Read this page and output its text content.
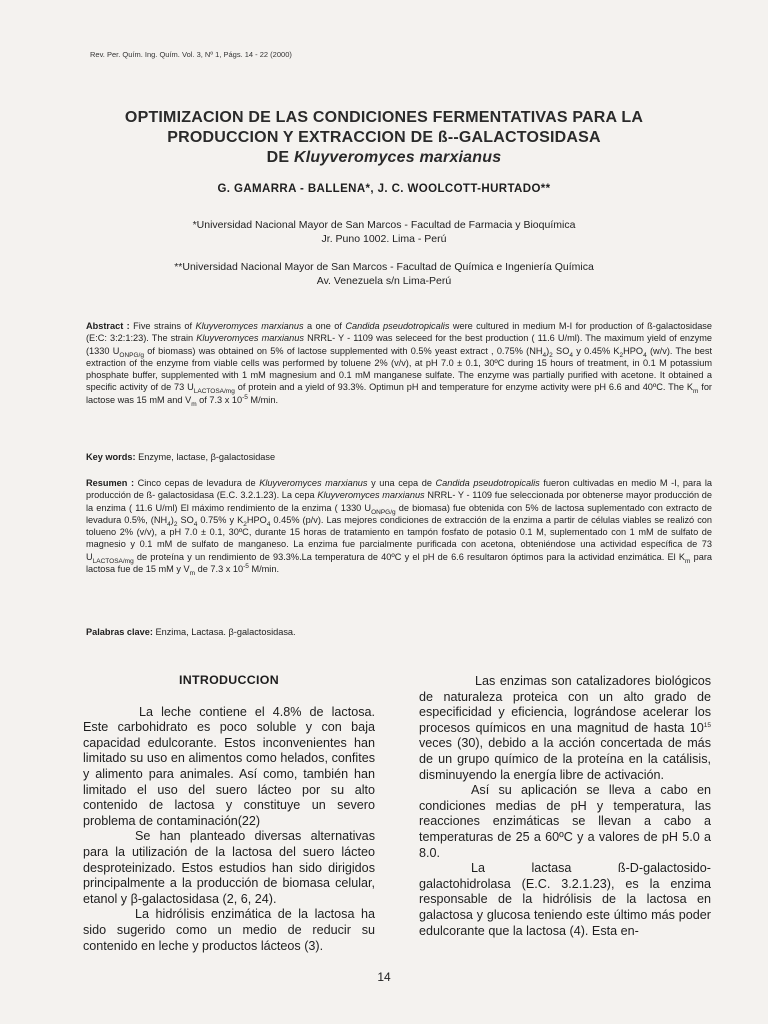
Rev. Per. Quím. Ing. Quím. Vol. 3, Nº 1, Págs. 14 - 22 (2000)
OPTIMIZACION DE LAS CONDICIONES FERMENTATIVAS PARA LA
PRODUCCION Y EXTRACCION DE ß--GALACTOSIDASA
DE Kluyveromyces marxianus
G. GAMARRA - BALLENA*, J. C. WOOLCOTT-HURTADO**
*Universidad Nacional Mayor de San Marcos - Facultad de Farmacia y Bioquímica
Jr. Puno 1002. Lima - Perú
**Universidad Nacional Mayor de San Marcos - Facultad de Química e Ingeniería Química
Av. Venezuela s/n Lima-Perú
Abstract : Five strains of Kluyveromyces marxianus a one of Candida pseudotropicalis were cultured in medium M-I for production of ß-galactosidase (E:C: 3:2:1:23). The strain Kluyveromyces marxianus NRRL- Y - 1109 was seleceed for the best production ( 11.6 U/ml). The maximum yield of enzyme (1330 $U_{ONPG/g}$ of biomass) was obtained on 5% of lactose supplemented with 0.5% yeast extract , 0.75% $(NH_4)_2$ $SO_4$ y 0.45% $K_2HPO_4$ (w/v). The best extraction of the enzyme from viable cells was performed by toluene 2% (v/v), at pH 7.0 ± 0.1, 30ºC during 15 hours of treatment, in 0.1 M potassium phosphate buffer, supplemented with 1 mM magnesium and 0.1 mM manganese sulfate. The enzyme was partially purified with acetone. It obtained a specific activity of de 73 $U_{LACTOSA/mg}$ of protein and a yield of 93.3%. Optimun pH and temperature for enzyme activity were pH 6.6 and 40ºC. The $K_m$ for lactose was 15 mM and $V_m$ of 7.3 x $10^{-5}$ M/min.
Key words: Enzyme, lactase, β-galactosidase
Resumen : Cinco cepas de levadura de Kluyveromyces marxianus y una cepa de Candida pseudotropicalis fueron cultivadas en medio M -I, para la producción de ß- galactosidasa (E.C. 3.2.1.23). La cepa Kluyveromyces marxianus NRRL- Y - 1109 fue seleccionada por obtenerse mayor producción de la enzima ( 11.6 U/ml) El máximo rendimiento de la enzima ( 1330 $U_{ONPG/g}$ de biomasa) fue obtenida con 5% de lactosa suplementado con extracto de levadura 0.5%, $(NH_4)_2$ $SO_4$ 0.75% y $K_2HPO_4$ 0.45% (p/v). Las mejores condiciones de extracción de la enzima a partir de células viables se realizó con tolueno 2% (v/v), a pH 7.0 ± 0.1, 30ºC, durante 15 horas de tratamiento en tampón fosfato de potasio 0.1 M, suplementado con 1 mM de sulfato de magnesio y 0.1 mM de sulfato de manganeso. La enzima fue parcialmente purificada con acetona, obteniéndose una actividad específica de 73 $U_{LACTOSA/mg}$ de proteína y un rendimiento de 93.3%.La temperatura de 40ºC y el pH de 6.6 resultaron óptimos para la actividad enzimática. El $K_m$ para lactosa fue de 15 mM y $V_m$ de 7.3 x $10^{-5}$ M/min.
Palabras clave: Enzima, Lactasa. β-galactosidasa.
INTRODUCCION

La leche contiene el 4.8% de lactosa. Este carbohidrato es poco soluble y con baja capacidad edulcorante. Estos inconvenientes han limitado su uso en alimentos como helados, confites y alimento para animales. Así como, también han limitado el uso del suero lácteo por su alto contenido de lactosa y constituye un severo problema de contaminación(22)

Se han planteado diversas alternativas para la utilización de la lactosa del suero lácteo desproteinizado. Estos estudios han sido dirigidos principalmente a la producción de biomasa celular, etanol y β-galactosidasa (2, 6, 24).

La hidrólisis enzimática de la lactosa ha sido sugerido como un medio de reducir su contenido en leche y productos lácteos (3).

Las enzimas son catalizadores biológicos de naturaleza proteica con un alto grado de especificidad y eficiencia, lográndose acelerar los procesos químicos en una magnitud de hasta $10^{15}$ veces (30), debido a la acción concertada de más de un grupo químico de la proteína en la catálisis, disminuyendo la energía libre de activación.

Así su aplicación se lleva a cabo en condiciones medias de pH y temperatura, las reacciones enzimáticas se llevan a cabo a temperaturas de 25 a 60ºC y a valores de pH 5.0 a 8.0.

La lactasa ß-D-galactosido-galactohidrolasa (E.C. 3.2.1.23), es la enzima responsable de la hidrólisis de la lactosa en galactosa y glucosa teniendo este último más poder edulcorante que la lactosa (4). Esta en-

14
